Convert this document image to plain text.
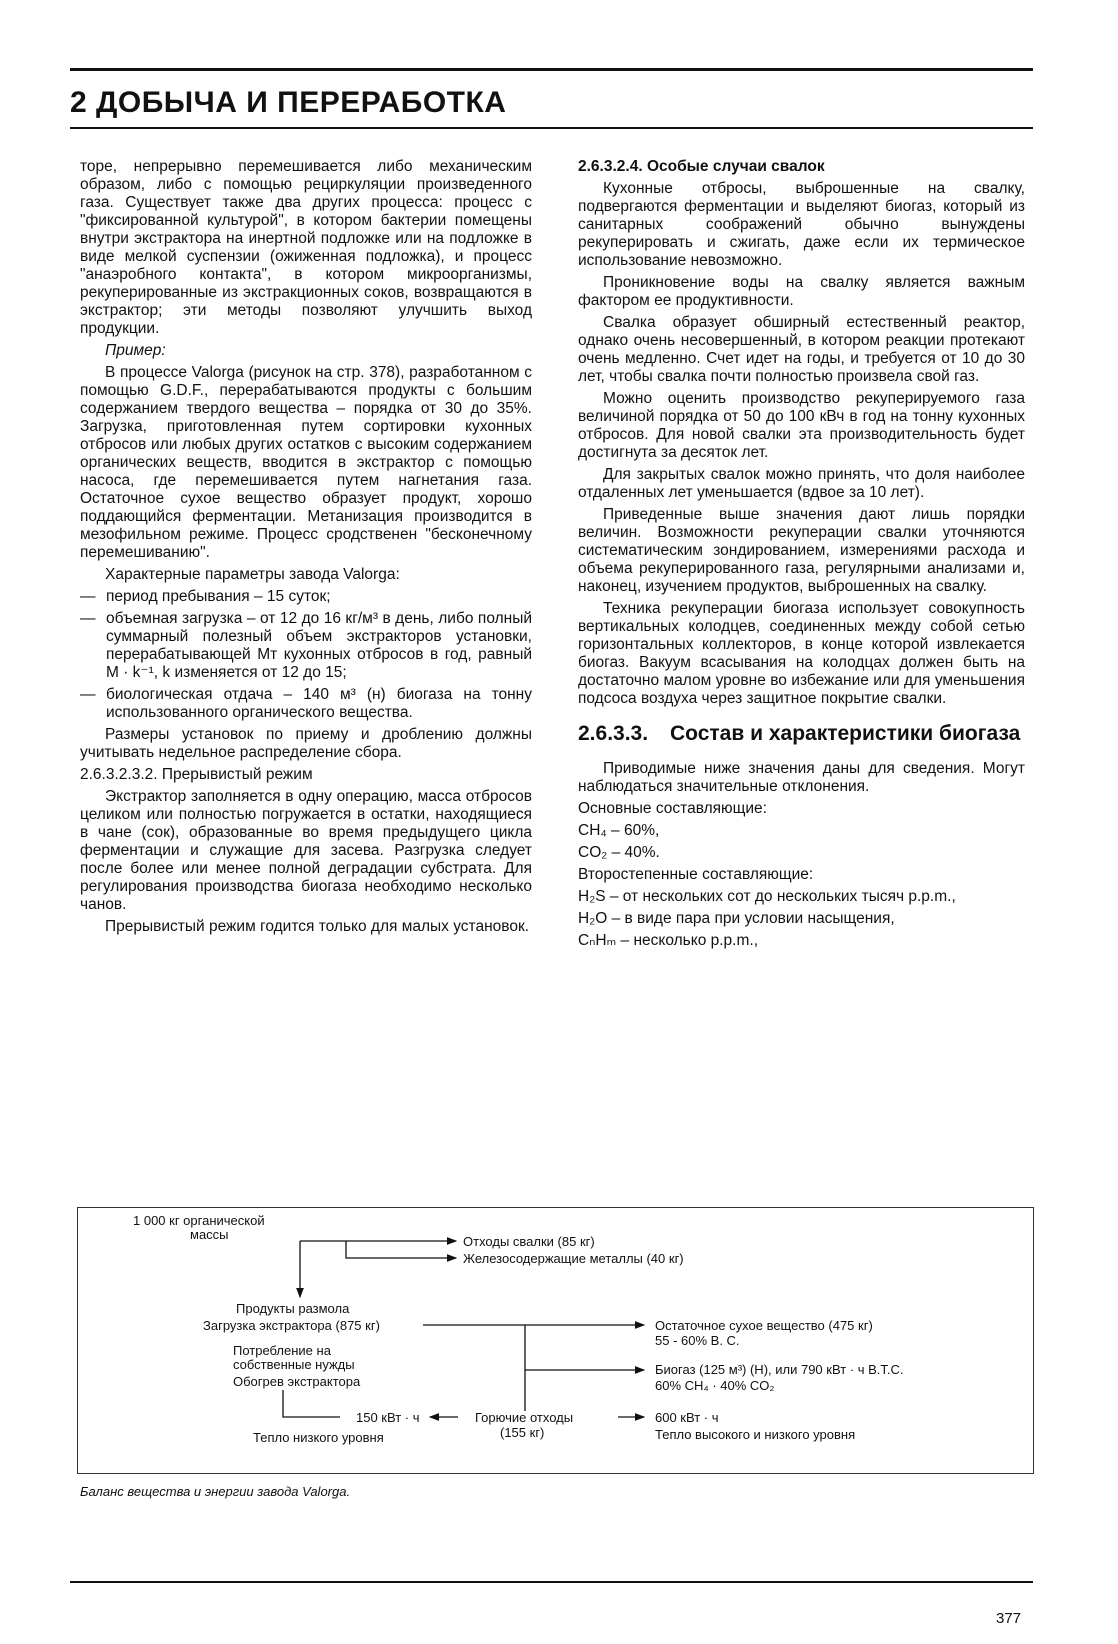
2 ДОБЫЧА И ПЕРЕРАБОТКА

торе, непрерывно перемешивается либо механическим образом, либо с помощью рециркуляции произведенного газа. Существует также два других процесса: процесс с "фиксированной культурой", в котором бактерии помещены внутри экстрактора на инертной подложке или на подложке в виде мелкой суспензии (ожиженная подложка), и процесс "анаэробного контакта", в котором микроорганизмы, рекуперированные из экстракционных соков, возвращаются в экстрактор; эти методы позволяют улучшить выход продукции.

Пример:

В процессе Valorga (рисунок на стр. 378), разработанном с помощью G.D.F., перерабатываются продукты с большим содержанием твердого вещества – порядка от 30 до 35%. Загрузка, приготовленная путем сортировки кухонных отбросов или любых других остатков с высоким содержанием органических веществ, вводится в экстрактор с помощью насоса, где перемешивается путем нагнетания газа. Остаточное сухое вещество образует продукт, хорошо поддающийся ферментации. Метанизация производится в мезофильном режиме. Процесс сродственен "бесконечному перемешиванию".

Характерные параметры завода Valorga:

— период пребывания – 15 суток;
— объемная загрузка – от 12 до 16 кг/м³ в день, либо полный суммарный полезный объем экстракторов установки, перерабатывающей Мт кухонных отбросов в год, равный М · k⁻¹, k изменяется от 12 до 15;
— биологическая отдача – 140 м³ (н) биогаза на тонну использованного органического вещества.

Размеры установок по приему и дроблению должны учитывать недельное распределение сбора.

2.6.3.2.3.2. Прерывистый режим

Экстрактор заполняется в одну операцию, масса отбросов целиком или полностью погружается в остатки, находящиеся в чане (сок), образованные во время предыдущего цикла ферментации и служащие для засева. Разгрузка следует после более или менее полной деградации субстрата. Для регулирования производства биогаза необходимо несколько чанов.

Прерывистый режим годится только для малых установок.

2.6.3.2.4. Особые случаи свалок

Кухонные отбросы, выброшенные на свалку, подвергаются ферментации и выделяют биогаз, который из санитарных соображений обычно вынуждены рекуперировать и сжигать, даже если их термическое использование невозможно.

Проникновение воды на свалку является важным фактором ее продуктивности.

Свалка образует обширный естественный реактор, однако очень несовершенный, в котором реакции протекают очень медленно. Счет идет на годы, и требуется от 10 до 30 лет, чтобы свалка почти полностью произвела свой газ.

Можно оценить производство рекуперируемого газа величиной порядка от 50 до 100 кВч в год на тонну кухонных отбросов. Для новой свалки эта производительность будет достигнута за десяток лет.

Для закрытых свалок можно принять, что доля наиболее отдаленных лет уменьшается (вдвое за 10 лет).

Приведенные выше значения дают лишь порядки величин. Возможности рекуперации свалки уточняются систематическим зондированием, измерениями расхода и объема рекуперированного газа, регулярными анализами и, наконец, изучением продуктов, выброшенных на свалку.

Техника рекуперации биогаза использует совокупность вертикальных колодцев, соединенных между собой сетью горизонтальных коллекторов, в конце которой извлекается биогаз. Вакуум всасывания на колодцах должен быть на достаточно малом уровне во избежание или для уменьшения подсоса воздуха через защитное покрытие свалки.

2.6.3.3.	Состав и характеристики биогаза

Приводимые ниже значения даны для сведения. Могут наблюдаться значительные отклонения.

Основные составляющие:

CH₄ – 60%,

CO₂ – 40%.

Второстепенные составляющие:

H₂S – от нескольких сот до нескольких тысяч p.p.m.,

H₂O – в виде пара при условии насыщения,

CₙHₘ – несколько p.p.m.,

1 000 кг органической
массы	Отходы свалки (85 кг)
Железосодержащие металлы (40 кг)
Продукты размола
Загрузка экстрактора (875 кг)
Потребление на
собственные нужды
Обогрев экстрактора
Остаточное сухое вещество (475 кг)
55 - 60% В. С.
Биогаз (125 м³) (Н), или 790 кВт · ч В.Т.С.
60% CH₄ · 40% CO₂
150 кВт · ч	Горючие отходы
(155 кг)
600 кВт · ч
Тепло низкого уровня	Тепло высокого и низкого уровня
Баланс вещества и энергии завода Valorga.
377
